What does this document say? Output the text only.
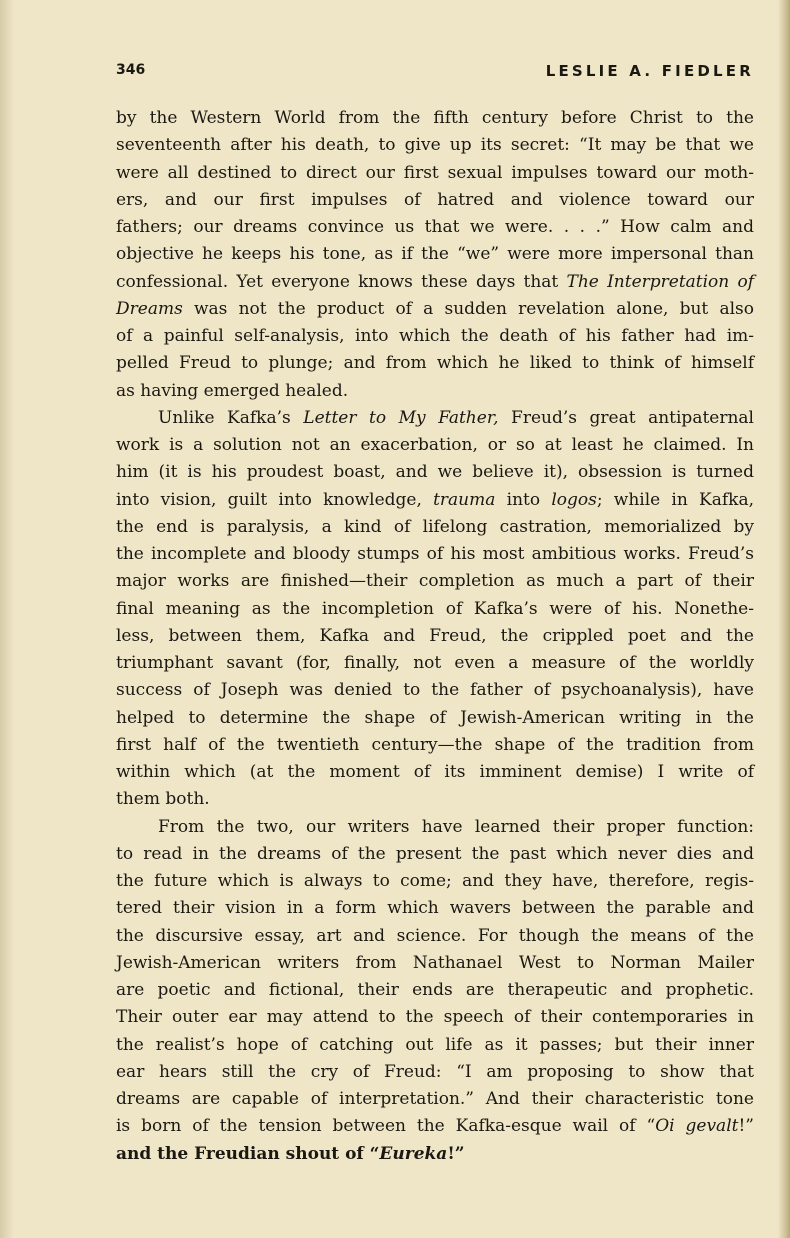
346	LESLIE A. FIEDLER
by the Western World from the fifth century before Christ to the
seventeenth after his death, to give up its secret: “It may be that we
were all destined to direct our first sexual impulses toward our moth-
ers, and our first impulses of hatred and violence toward our
fathers; our dreams convince us that we were. . . .” How calm and
objective he keeps his tone, as if the “we” were more impersonal than
confessional. Yet everyone knows these days that The Interpretation of
Dreams was not the product of a sudden revelation alone, but also
of a painful self-analysis, into which the death of his father had im-
pelled Freud to plunge; and from which he liked to think of himself
as having emerged healed.
Unlike Kafka’s Letter to My Father, Freud’s great antipaternal
work is a solution not an exacerbation, or so at least he claimed. In
him (it is his proudest boast, and we believe it), obsession is turned
into vision, guilt into knowledge, trauma into logos; while in Kafka,
the end is paralysis, a kind of lifelong castration, memorialized by
the incomplete and bloody stumps of his most ambitious works. Freud’s
major works are finished—their completion as much a part of their
final meaning as the incompletion of Kafka’s were of his. Nonethe-
less, between them, Kafka and Freud, the crippled poet and the
triumphant savant (for, finally, not even a measure of the worldly
success of Joseph was denied to the father of psychoanalysis), have
helped to determine the shape of Jewish-American writing in the
first half of the twentieth century—the shape of the tradition from
within which (at the moment of its imminent demise) I write of
them both.
From the two, our writers have learned their proper function:
to read in the dreams of the present the past which never dies and
the future which is always to come; and they have, therefore, regis-
tered their vision in a form which wavers between the parable and
the discursive essay, art and science. For though the means of the
Jewish-American writers from Nathanael West to Norman Mailer
are poetic and fictional, their ends are therapeutic and prophetic.
Their outer ear may attend to the speech of their contemporaries in
the realist’s hope of catching out life as it passes; but their inner
ear hears still the cry of Freud: “I am proposing to show that
dreams are capable of interpretation.” And their characteristic tone
is born of the tension between the Kafka-esque wail of “Oi gevalt!”
and the Freudian shout of “Eureka!”
